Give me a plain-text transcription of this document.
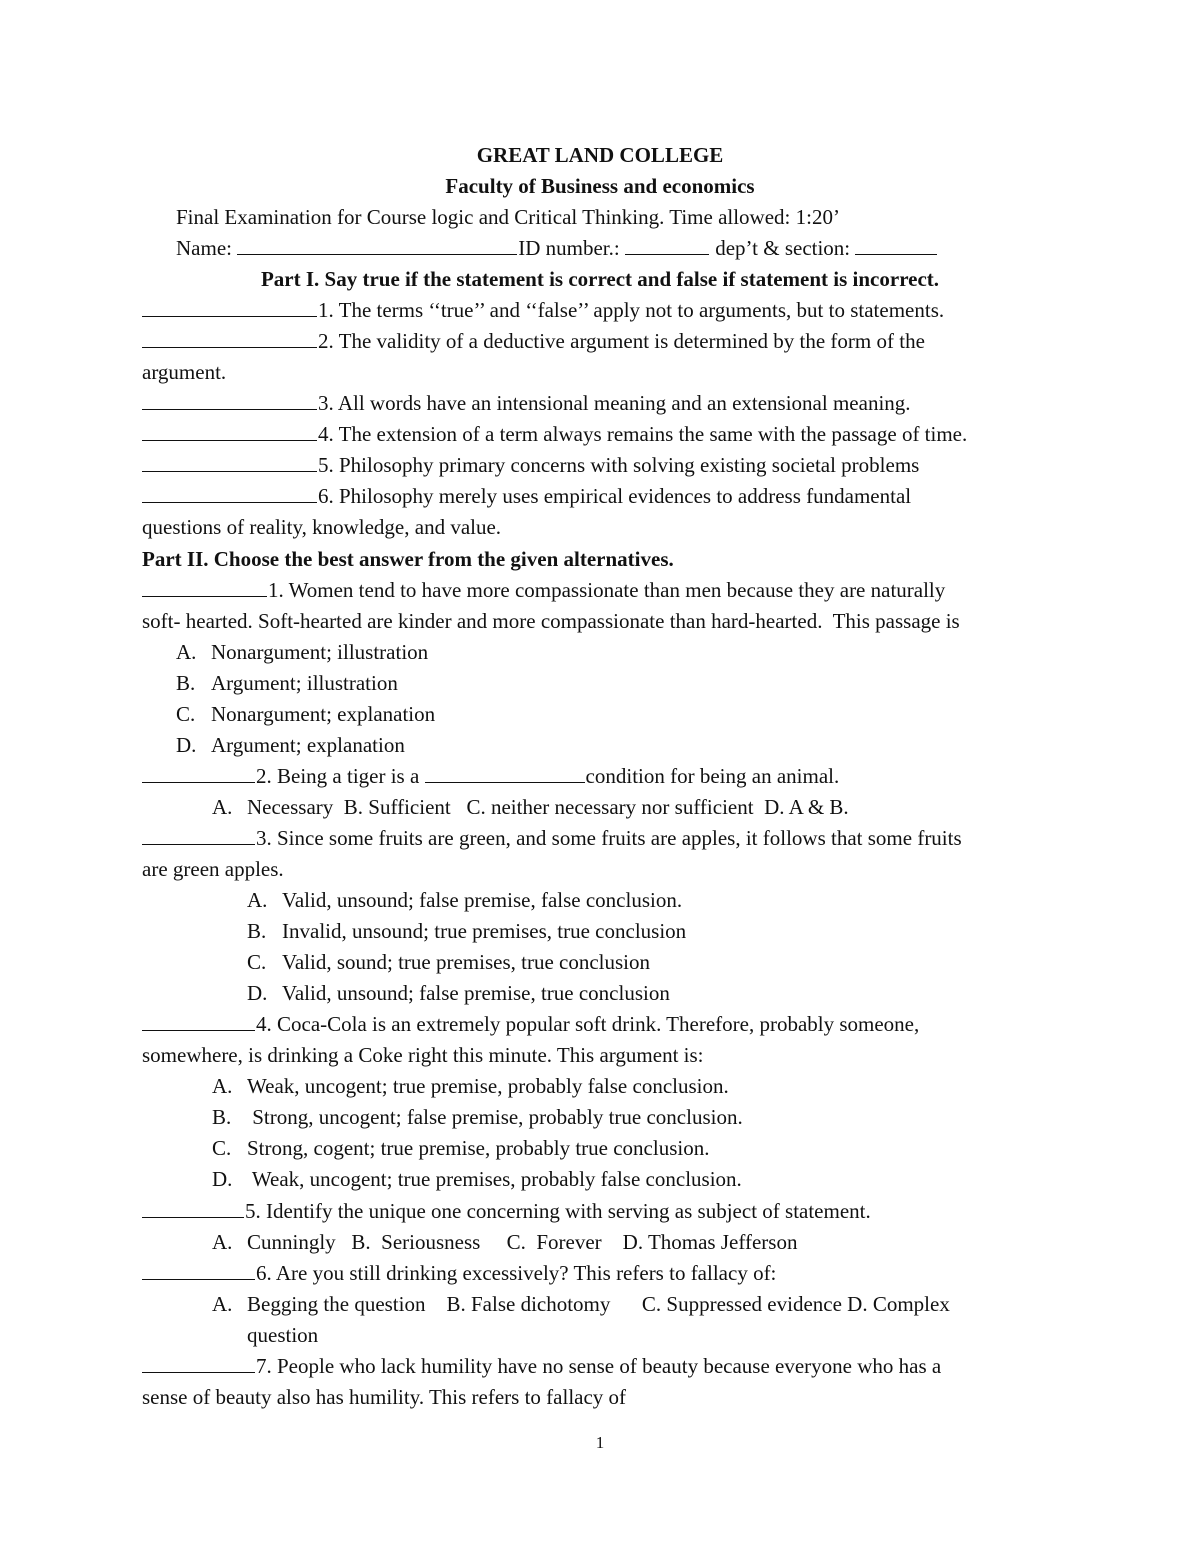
GREAT LAND COLLEGE
Faculty of Business and economics
Final Examination for Course logic and Critical Thinking. Time allowed: 1:20’
Name:	ID number.:	dep’t & section:
Part I. Say true if the statement is correct and false if statement is incorrect.
1. The terms ‘‘true’’ and ‘‘false’’ apply not to arguments, but to statements.
2. The validity of a deductive argument is determined by the form of the
argument.
3. All words have an intensional meaning and an extensional meaning.
4. The extension of a term always remains the same with the passage of time.
5. Philosophy primary concerns with solving existing societal problems
6. Philosophy merely uses empirical evidences to address fundamental
questions of reality, knowledge, and value.
Part II. Choose the best answer from the given alternatives.
1. Women tend to have more compassionate than men because they are naturally
soft- hearted. Soft-hearted are kinder and more compassionate than hard-hearted.  This passage is
A. Nonargument; illustration
B. Argument; illustration
C. Nonargument; explanation
D. Argument; explanation
2. Being a tiger is a	condition for being an animal.
A. Necessary  B. Sufficient   C. neither necessary nor sufficient  D. A & B.
3. Since some fruits are green, and some fruits are apples, it follows that some fruits
are green apples.
A. Valid, unsound; false premise, false conclusion.
B. Invalid, unsound; true premises, true conclusion
C. Valid, sound; true premises, true conclusion
D. Valid, unsound; false premise, true conclusion
4. Coca-Cola is an extremely popular soft drink. Therefore, probably someone,
somewhere, is drinking a Coke right this minute. This argument is:
A. Weak, uncogent; true premise, probably false conclusion.
B. Strong, uncogent; false premise, probably true conclusion.
C. Strong, cogent; true premise, probably true conclusion.
D. Weak, uncogent; true premises, probably false conclusion.
5. Identify the unique one concerning with serving as subject of statement.
A. Cunningly   B.  Seriousness     C.  Forever    D. Thomas Jefferson
6. Are you still drinking excessively? This refers to fallacy of:
A. Begging the question    B. False dichotomy      C. Suppressed evidence D. Complex
question
7. People who lack humility have no sense of beauty because everyone who has a
sense of beauty also has humility. This refers to fallacy of
1
